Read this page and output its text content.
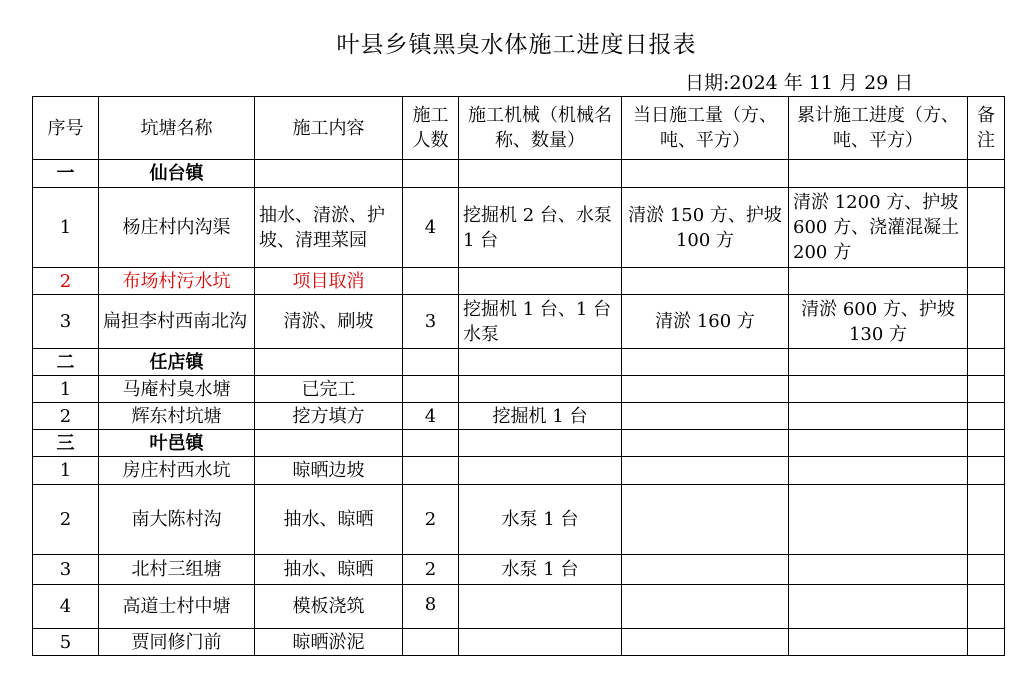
叶县乡镇黑臭水体施工进度日报表
日期:2024 年 11 月 29 日
序号	坑塘名称	施工内容	施工人数	施工机械（机械名称、数量）	当日施工量（方、吨、平方）	累计施工进度（方、吨、平方）	备注
一	仙台镇						
1	杨庄村内沟渠	抽水、清淤、护坡、清理菜园	4	挖掘机 2 台、水泵 1 台	清淤 150 方、护坡 100 方	清淤 1200 方、护坡 600 方、浇灌混凝土 200 方	
2	布场村污水坑	项目取消					
3	扁担李村西南北沟	清淤、刷坡	3	挖掘机 1 台、1 台水泵	清淤 160 方	清淤 600 方、护坡 130 方	
二	任店镇						
1	马庵村臭水塘	已完工					
2	辉东村坑塘	挖方填方	4	挖掘机 1 台			
三	叶邑镇						
1	房庄村西水坑	晾晒边坡					
2	南大陈村沟	抽水、晾晒	2	水泵 1 台			
3	北村三组塘	抽水、晾晒	2	水泵 1 台			
4	高道士村中塘	模板浇筑	8				
5	贾同修门前	晾晒淤泥					
